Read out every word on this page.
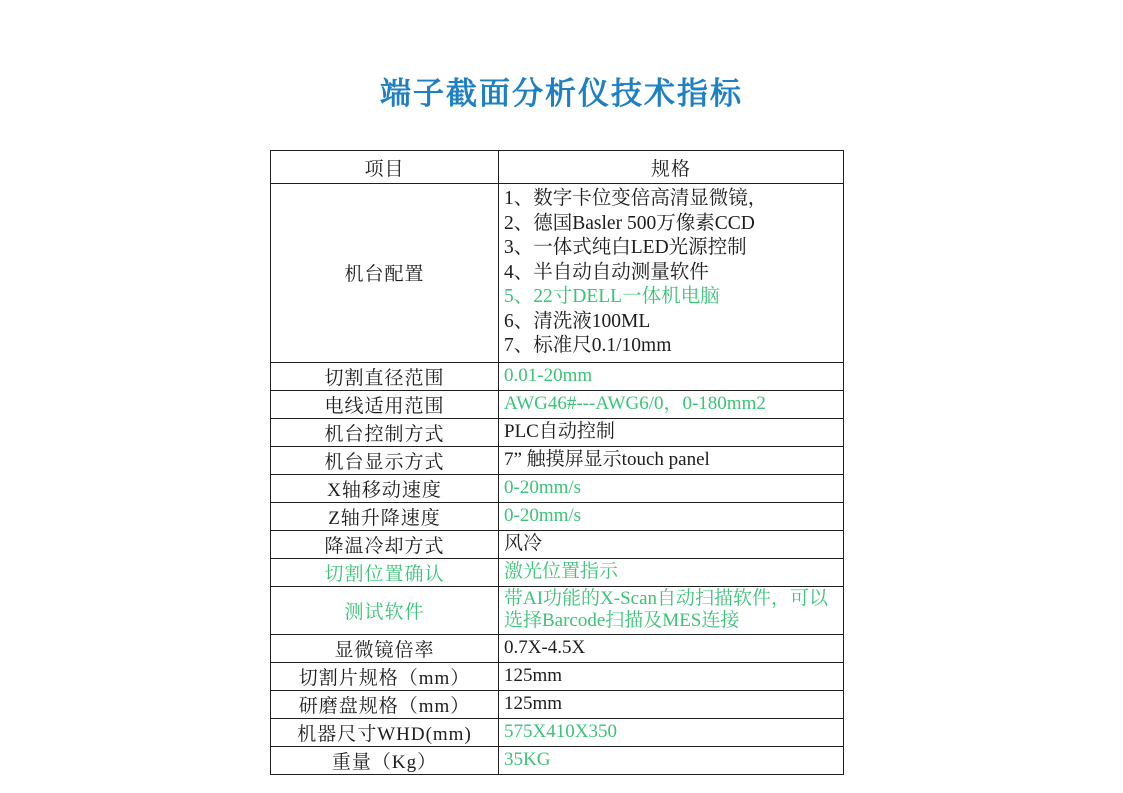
端子截面分析仪技术指标
项目	规格
机台配置	
1、数字卡位变倍高清显微镜，
2、德国Basler 500万像素CCD
3、一体式纯白LED光源控制
4、半自动自动测量软件
5、22寸DELL一体机电脑
6、清洗液100ML
7、标准尺0.1/10mm

切割直径范围	0.01-20mm
电线适用范围	AWG46#---AWG6/0，0-180mm2
机台控制方式	PLC自动控制
机台显示方式	7” 触摸屏显示touch panel
X轴移动速度	0-20mm/s
Z轴升降速度	0-20mm/s
降温冷却方式	风冷
切割位置确认	激光位置指示
测试软件	带AI功能的X-Scan自动扫描软件，可以选择Barcode扫描及MES连接
显微镜倍率	0.7X-4.5X
切割片规格（mm）	125mm
研磨盘规格（mm）	125mm
机器尺寸WHD(mm)	575X410X350
重量（Kg）	35KG
